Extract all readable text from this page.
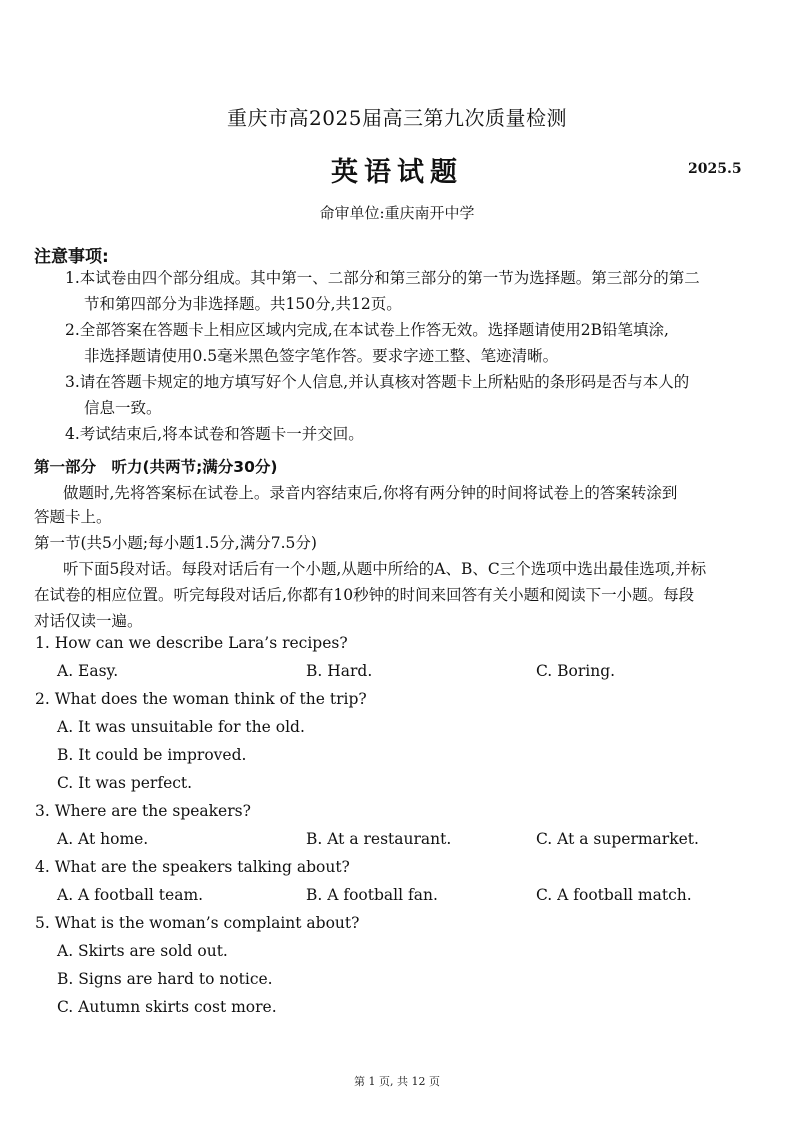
重庆市高2025届高三第九次质量检测
英语试题	2025.5
命审单位:重庆南开中学
注意事项:
1.本试卷由四个部分组成。其中第一、二部分和第三部分的第一节为选择题。第三部分的第二
节和第四部分为非选择题。共150分,共12页。
2.全部答案在答题卡上相应区域内完成,在本试卷上作答无效。选择题请使用2B铅笔填涂,
非选择题请使用0.5毫米黑色签字笔作答。要求字迹工整、笔迹清晰。
3.请在答题卡规定的地方填写好个人信息,并认真核对答题卡上所粘贴的条形码是否与本人的
信息一致。
4.考试结束后,将本试卷和答题卡一并交回。
第一部分　听力(共两节;满分30分)
做题时,先将答案标在试卷上。录音内容结束后,你将有两分钟的时间将试卷上的答案转涂到
答题卡上。
第一节(共5小题;每小题1.5分,满分7.5分)
听下面5段对话。每段对话后有一个小题,从题中所给的A、B、C三个选项中选出最佳选项,并标
在试卷的相应位置。听完每段对话后,你都有10秒钟的时间来回答有关小题和阅读下一小题。每段
对话仅读一遍。
1. How can we describe Lara’s recipes?
A. Easy.	B. Hard.	C. Boring.
2. What does the woman think of the trip?
A. It was unsuitable for the old.
B. It could be improved.
C. It was perfect.
3. Where are the speakers?
A. At home.	B. At a restaurant.	C. At a supermarket.
4. What are the speakers talking about?
A. A football team.	B. A football fan.	C. A football match.
5. What is the woman’s complaint about?
A. Skirts are sold out.
B. Signs are hard to notice.
C. Autumn skirts cost more.
第 1 页, 共 12 页
